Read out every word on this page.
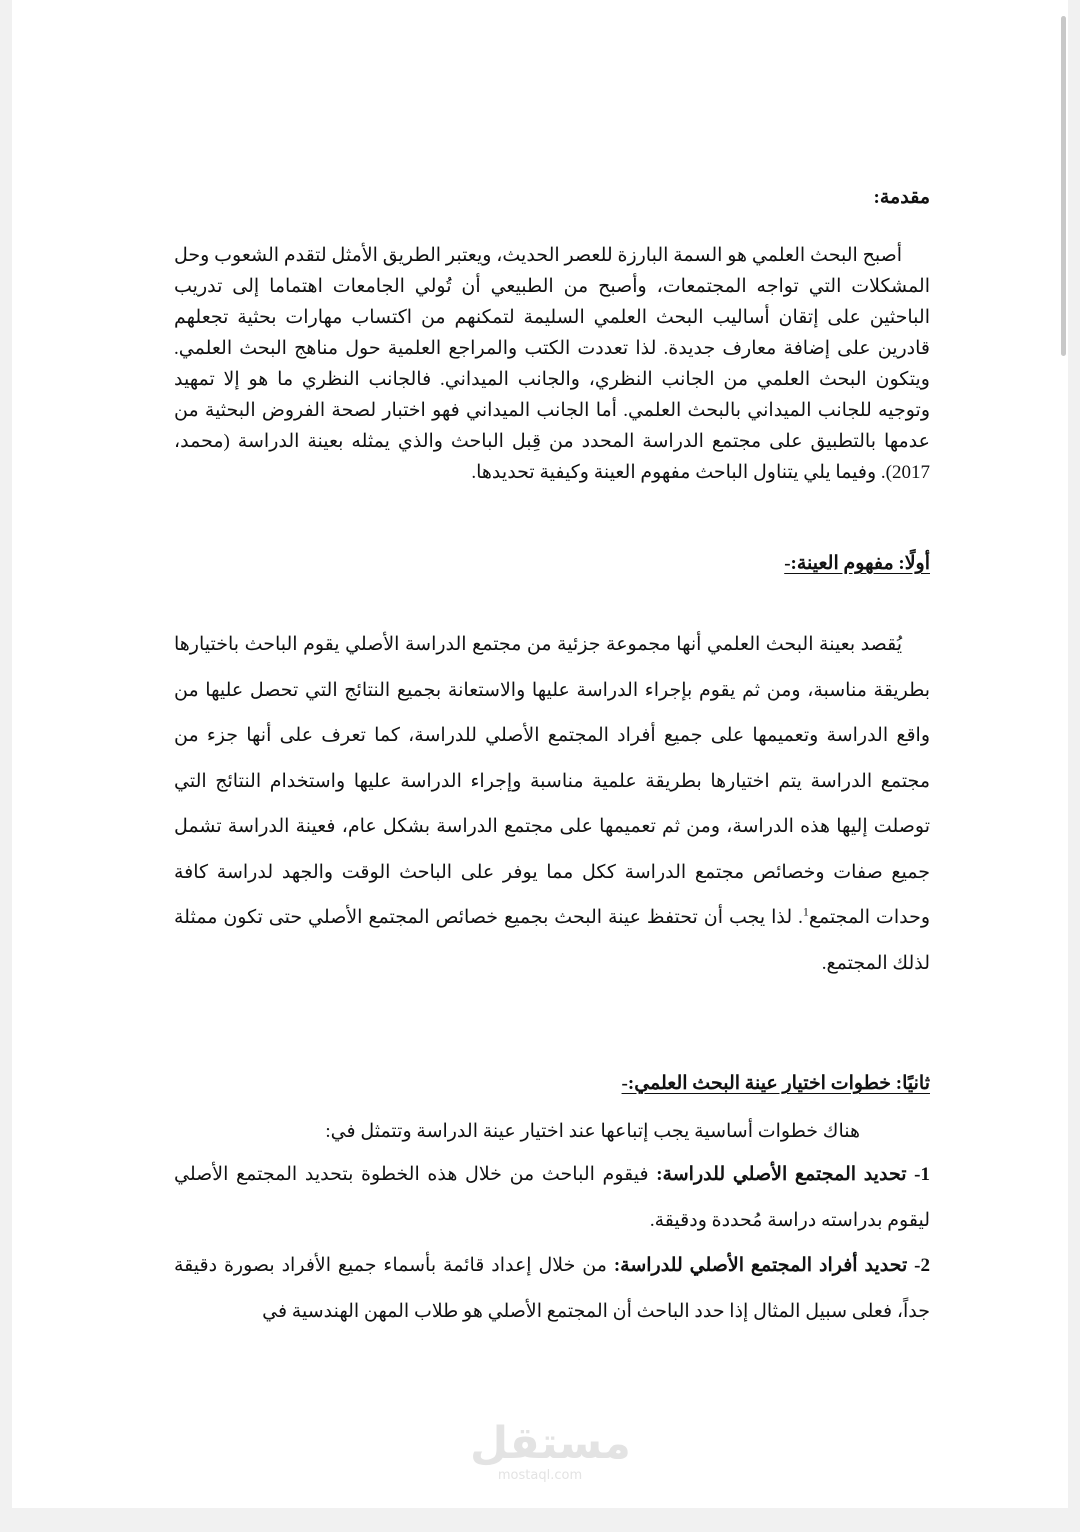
مقدمة:

أصبح البحث العلمي هو السمة البارزة للعصر الحديث، ويعتبر الطريق الأمثل لتقدم الشعوب وحل المشكلات التي تواجه المجتمعات، وأصبح من الطبيعي أن تُولي الجامعات اهتماما إلى تدريب الباحثين على إتقان أساليب البحث العلمي السليمة لتمكنهم من اكتساب مهارات بحثية تجعلهم قادرين على إضافة معارف جديدة. لذا تعددت الكتب والمراجع العلمية حول مناهج البحث العلمي. ويتكون البحث العلمي من الجانب النظري، والجانب الميداني. فالجانب النظري ما هو إلا تمهيد وتوجيه للجانب الميداني بالبحث العلمي. أما الجانب الميداني فهو اختبار لصحة الفروض البحثية من عدمها بالتطبيق على مجتمع الدراسة المحدد من قِبل الباحث والذي يمثله بعينة الدراسة (محمد، 2017). وفيما يلي يتناول الباحث مفهوم العينة وكيفية تحديدها.

أولًا: مفهوم العينة:-

يُقصد بعينة البحث العلمي أنها مجموعة جزئية من مجتمع الدراسة الأصلي يقوم الباحث باختيارها بطريقة مناسبة، ومن ثم يقوم بإجراء الدراسة عليها والاستعانة بجميع النتائج التي تحصل عليها من واقع الدراسة وتعميمها على جميع أفراد المجتمع الأصلي للدراسة، كما تعرف على أنها جزء من مجتمع الدراسة يتم اختيارها بطريقة علمية مناسبة وإجراء الدراسة عليها واستخدام النتائج التي توصلت إليها هذه الدراسة، ومن ثم تعميمها على مجتمع الدراسة بشكل عام، فعينة الدراسة تشمل جميع صفات وخصائص مجتمع الدراسة ككل مما يوفر على الباحث الوقت والجهد لدراسة كافة وحدات المجتمع$^1$. لذا يجب أن تحتفظ عينة البحث بجميع خصائص المجتمع الأصلي حتى تكون ممثلة لذلك المجتمع.

ثانيًا: خطوات اختيار عينة البحث العلمي:-

هناك خطوات أساسية يجب إتباعها عند اختيار عينة الدراسة وتتمثل في:

1- تحديد المجتمع الأصلي للدراسة: فيقوم الباحث من خلال هذه الخطوة بتحديد المجتمع الأصلي ليقوم بدراسته دراسة مُحددة ودقيقة.

2- تحديد أفراد المجتمع الأصلي للدراسة: من خلال إعداد قائمة بأسماء جميع الأفراد بصورة دقيقة جداً، فعلى سبيل المثال إذا حدد الباحث أن المجتمع الأصلي هو طلاب المهن الهندسية في

مستقل
mostaql.com
